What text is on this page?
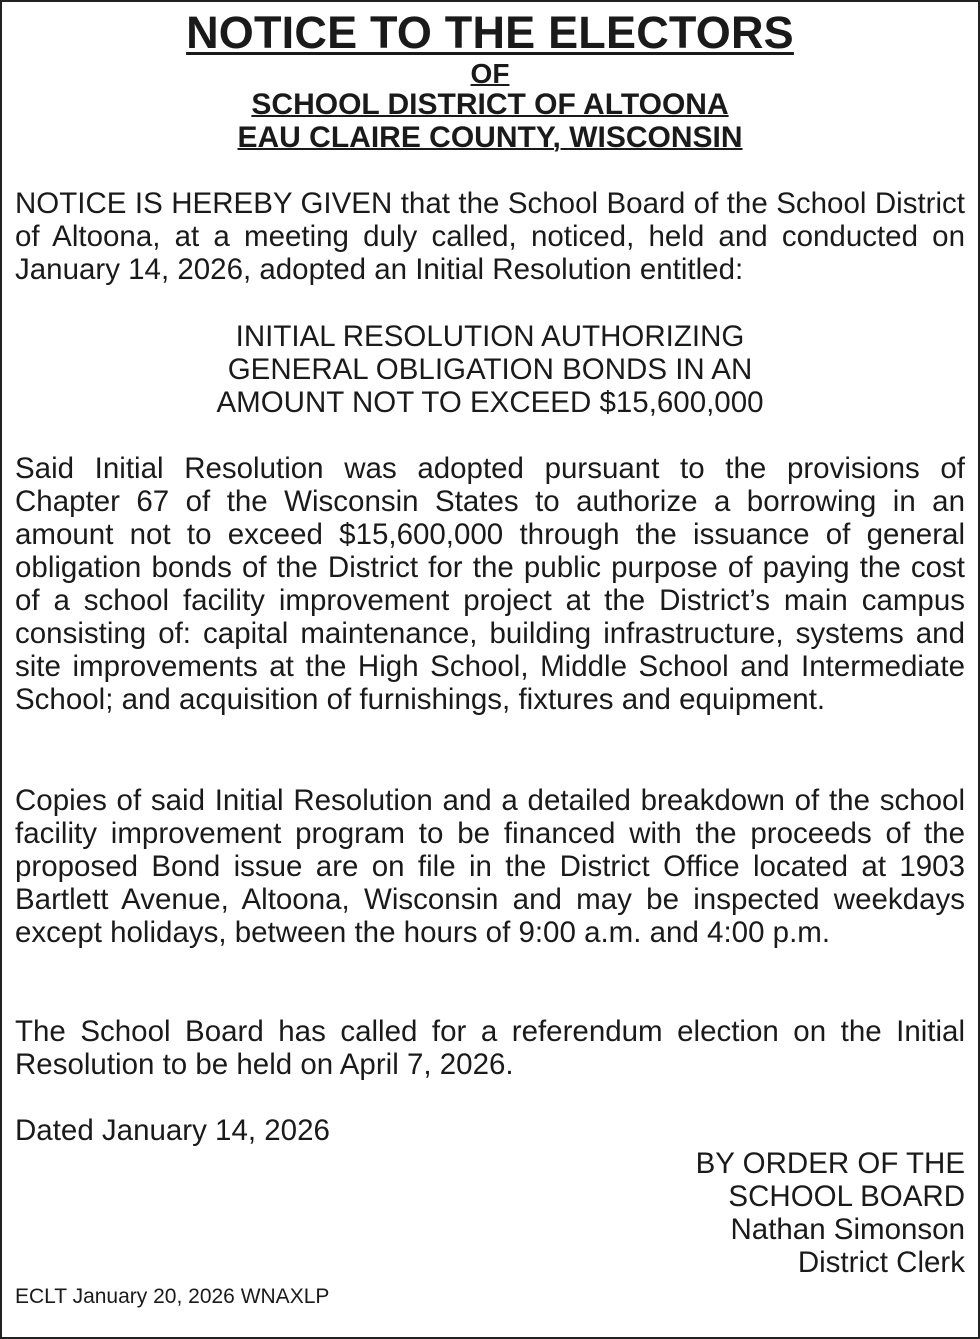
NOTICE TO THE ELECTORS
OF
SCHOOL DISTRICT OF ALTOONA
EAU CLAIRE COUNTY, WISCONSIN
NOTICE IS HEREBY GIVEN that the School Board of the School District of Altoona, at a meeting duly called, noticed, held and conducted on January 14, 2026, adopted an Initial Resolution entitled:
INITIAL RESOLUTION AUTHORIZING
GENERAL OBLIGATION BONDS IN AN
AMOUNT NOT TO EXCEED $15,600,000
Said Initial Resolution was adopted pursuant to the provisions of Chapter 67 of the Wisconsin States to authorize a borrowing in an amount not to exceed $15,600,000 through the issuance of general obligation bonds of the District for the public purpose of paying the cost of a school facility improvement project at the District’s main campus consisting of: capital maintenance, building infrastructure, systems and site improvements at the High School, Middle School and Intermediate School; and acquisition of furnishings, fixtures and equipment.
Copies of said Initial Resolution and a detailed breakdown of the school facility improvement program to be financed with the proceeds of the proposed Bond issue are on file in the District Office located at 1903 Bartlett Avenue, Altoona, Wisconsin and may be inspected weekdays except holidays, between the hours of 9:00 a.m. and 4:00 p.m.
The School Board has called for a referendum election on the Initial Resolution to be held on April 7, 2026.
Dated January 14, 2026
BY ORDER OF THE
SCHOOL BOARD
Nathan Simonson
District Clerk
ECLT January 20, 2026 WNAXLP
